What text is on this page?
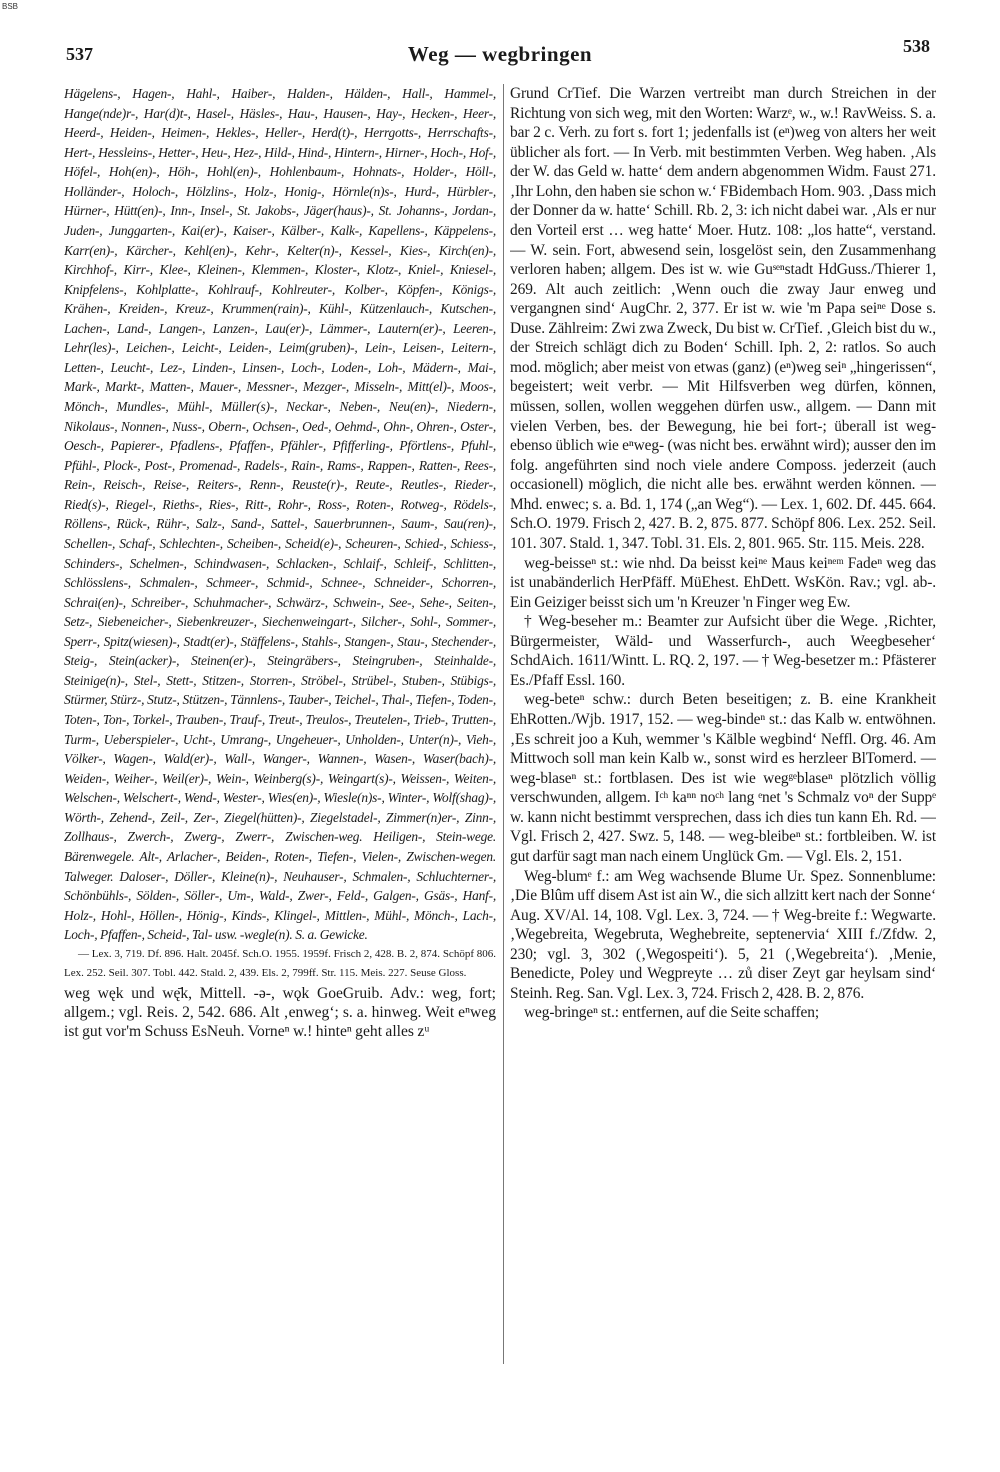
BSB
537	Weg — wegbringen	538

Hägelens-, Hagen-, Hahl-, Haiber-, Halden-, Hälden-, Hall-, Hammel-, Hange(nde)r-, Har(d)t-, Hasel-, Häsles-, Hau-, Hausen-, Hay-, Hecken-, Heer-, Heerd-, Heiden-, Heimen-, Hekles-, Heller-, Herd(t)-, Herrgotts-, Herrschafts-, Hert-, Hessleins-, Hetter-, Heu-, Hez-, Hild-, Hind-, Hintern-, Hirner-, Hoch-, Hof-, Höfel-, Hoh(en)-, Höh-, Hohl(en)-, Hohlenbaum-, Hohnats-, Holder-, Höll-, Holländer-, Holoch-, Hölzlins-, Holz-, Honig-, Hörnle(n)s-, Hurd-, Hürbler-, Hürner-, Hütt(en)-, Inn-, Insel-, St. Jakobs-, Jäger(haus)-, St. Johanns-, Jordan-, Juden-, Junggarten-, Kai(er)-, Kaiser-, Kälber-, Kalk-, Kapellens-, Käppelens-, Karr(en)-, Kärcher-, Kehl(en)-, Kehr-, Kelter(n)-, Kessel-, Kies-, Kirch(en)-, Kirchhof-, Kirr-, Klee-, Kleinen-, Klemmen-, Kloster-, Klotz-, Kniel-, Kniesel-, Knipfelens-, Kohlplatte-, Kohlrauf-, Kohlreuter-, Kolber-, Köpfen-, Königs-, Krähen-, Kreiden-, Kreuz-, Krummen(rain)-, Kühl-, Kützenlauch-, Kutschen-, Lachen-, Land-, Langen-, Lanzen-, Lau(er)-, Lämmer-, Lautern(er)-, Leeren-, Lehr(les)-, Leichen-, Leicht-, Leiden-, Leim(gruben)-, Lein-, Leisen-, Leitern-, Letten-, Leucht-, Lez-, Linden-, Linsen-, Loch-, Loden-, Loh-, Mädern-, Mai-, Mark-, Markt-, Matten-, Mauer-, Messner-, Mezger-, Misseln-, Mitt(el)-, Moos-, Mönch-, Mundles-, Mühl-, Müller(s)-, Neckar-, Neben-, Neu(en)-, Niedern-, Nikolaus-, Nonnen-, Nuss-, Obern-, Ochsen-, Oed-, Oehmd-, Ohn-, Ohren-, Oster-, Oesch-, Papierer-, Pfadlens-, Pfaffen-, Pfähler-, Pfifferling-, Pförtlens-, Pfuhl-, Pfühl-, Plock-, Post-, Promenad-, Radels-, Rain-, Rams-, Rappen-, Ratten-, Rees-, Rein-, Reisch-, Reise-, Reiters-, Renn-, Reuste(r)-, Reute-, Reutles-, Rieder-, Ried(s)-, Riegel-, Rieths-, Ries-, Ritt-, Rohr-, Ross-, Roten-, Rotweg-, Rödels-, Röllens-, Rück-, Rühr-, Salz-, Sand-, Sattel-, Sauerbrunnen-, Saum-, Sau(ren)-, Schellen-, Schaf-, Schlechten-, Scheiben-, Scheid(e)-, Scheuren-, Schied-, Schiess-, Schinders-, Schelmen-, Schindwasen-, Schlacken-, Schlaif-, Schleif-, Schlitten-, Schlösslens-, Schmalen-, Schmeer-, Schmid-, Schnee-, Schneider-, Schorren-, Schrai(en)-, Schreiber-, Schuhmacher-, Schwärz-, Schwein-, See-, Sehe-, Seiten-, Setz-, Siebeneicher-, Siebenkreuzer-, Siechenweingart-, Silcher-, Sohl-, Sommer-, Sperr-, Spitz(wiesen)-, Stadt(er)-, Stäffelens-, Stahls-, Stangen-, Stau-, Stechender-, Steig-, Stein(acker)-, Steinen(er)-, Steingräbers-, Steingruben-, Steinhalde-, Steinige(n)-, Stel-, Stett-, Stitzen-, Storren-, Ströbel-, Strübel-, Stuben-, Stübigs-, Stürmer, Stürz-, Stutz-, Stützen-, Tännlens-, Tauber-, Teichel-, Thal-, Tiefen-, Toden-, Toten-, Ton-, Torkel-, Trauben-, Trauf-, Treut-, Treulos-, Treutelen-, Trieb-, Trutten-, Turm-, Ueberspieler-, Ucht-, Umrang-, Ungeheuer-, Unholden-, Unter(n)-, Vieh-, Völker-, Wagen-, Wald(er)-, Wall-, Wanger-, Wannen-, Wasen-, Waser(bach)-, Weiden-, Weiher-, Weil(er)-, Wein-, Weinberg(s)-, Weingart(s)-, Weissen-, Weiten-, Welschen-, Welschert-, Wend-, Wester-, Wies(en)-, Wiesle(n)s-, Winter-, Wolf(shag)-, Wörth-, Zehend-, Zeil-, Zer-, Ziegel(hütten)-, Ziegelstadel-, Zimmer(n)er-, Zinn-, Zollhaus-, Zwerch-, Zwerg-, Zwerr-, Zwischen-weg. Heiligen-, Stein-wege. Bärenwegele. Alt-, Arlacher-, Beiden-, Roten-, Tiefen-, Vielen-, Zwischen-wegen. Talweger. Daloser-, Döller-, Kleine(n)-, Neuhauser-, Schmalen-, Schluchterner-, Schönbühls-, Sölden-, Söller-, Um-, Wald-, Zwer-, Feld-, Galgen-, Gsäs-, Hanf-, Holz-, Hohl-, Höllen-, Hönig-, Kinds-, Klingel-, Mittlen-, Mühl-, Mönch-, Lach-, Loch-, Pfaffen-, Scheid-, Tal- usw. -wegle(n). S. a. Gewicke.

— Lex. 3, 719. Df. 896. Halt. 2045f. Sch.O. 1955. 1959f. Frisch 2, 428. B. 2, 874. Schöpf 806. Lex. 252. Seil. 307. Tobl. 442. Stald. 2, 439. Els. 2, 799ff. Str. 115. Meis. 227. Seuse Gloss.

weg węk und wę̄k, Mittell. -ə-, wǫk GoeGruib. Adv.: weg, fort; allgem.; vgl. Reis. 2, 542. 686. Alt ‚enweg‘; s. a. hinweg. Weit eⁿweg ist gut vor'm Schuss EsNeuh. Vorneⁿ w.! hinteⁿ geht alles zᵘ

Grund CrTief. Die Warzen vertreibt man durch Streichen in der Richtung von sich weg, mit den Worten: Warzᵉ, w., w.! RavWeiss. S. a. bar 2 c. Verh. zu fort s. fort 1; jedenfalls ist (eⁿ)weg von alters her weit üblicher als fort. — In Verb. mit bestimmten Verben. Weg haben. ‚Als der W. das Geld w. hatte‘ dem andern abgenommen Widm. Faust 271. ‚Ihr Lohn, den haben sie schon w.‘ FBidembach Hom. 903. ‚Dass mich der Donner da w. hatte‘ Schill. Rb. 2, 3: ich nicht dabei war. ‚Als er nur den Vorteil erst … weg hatte‘ Moer. Hutz. 108: „los hatte“, verstand. — W. sein. Fort, abwesend sein, losgelöst sein, den Zusammenhang verloren haben; allgem. Des ist w. wie Guˢᵉⁿstadt HdGuss./Thierer 1, 269. Alt auch zeitlich: ‚Wenn ouch die zway Jaur enweg und vergangnen sind‘ AugChr. 2, 377. Er ist w. wie 'm Papa seiⁿᵉ Dose s. Duse. Zählreim: Zwi zwa Zweck, Du bist w. CrTief. ‚Gleich bist du w., der Streich schlägt dich zu Boden‘ Schill. Iph. 2, 2: ratlos. So auch mod. möglich; aber meist von etwas (ganz) (eⁿ)weg seiⁿ „hingerissen“, begeistert; weit verbr. — Mit Hilfsverben weg dürfen, können, müssen, sollen, wollen weggehen dürfen usw., allgem. — Dann mit vielen Verben, bes. der Bewegung, hie bei fort-; überall ist weg- ebenso üblich wie eⁿweg- (was nicht bes. erwähnt wird); ausser den im folg. angeführten sind noch viele andere Composs. jederzeit (auch occasionell) möglich, die nicht alle bes. erwähnt werden können. — Mhd. enwec; s. a. Bd. 1, 174 („an Weg“). — Lex. 1, 602. Df. 445. 664. Sch.O. 1979. Frisch 2, 427. B. 2, 875. 877. Schöpf 806. Lex. 252. Seil. 101. 307. Stald. 1, 347. Tobl. 31. Els. 2, 801. 965. Str. 115. Meis. 228.

weg-beisseⁿ st.: wie nhd. Da beisst keiⁿᵉ Maus keiⁿᵉᵐ Fadeⁿ weg das ist unabänderlich HerPfäff. MüEhest. EhDett. WsKön. Rav.; vgl. ab-. Ein Geiziger beisst sich um 'n Kreuzer 'n Finger weg Ew.

† Weg-beseher m.: Beamter zur Aufsicht über die Wege. ‚Richter, Bürgermeister, Wäld- und Wasserfurch-, auch Weegbeseher‘ SchdAich. 1611/Wintt. L. RQ. 2, 197. — † Weg-besetzer m.: Pfästerer Es./Pfaff Essl. 160.

weg-beteⁿ schw.: durch Beten beseitigen; z. B. eine Krankheit EhRotten./Wjb. 1917, 152. — weg-bindeⁿ st.: das Kalb w. entwöhnen. ‚Es schreit joo a Kuh, wemmer 's Kälble wegbind‘ Neffl. Org. 46. Am Mittwoch soll man kein Kalb w., sonst wird es herzleer BlTomerd. — weg-blaseⁿ st.: fortblasen. Des ist wie wegᵍᵉblaseⁿ plötzlich völlig verschwunden, allgem. Iᶜʰ kaⁿⁿ noᶜʰ lang ᵉnet 's Schmalz voⁿ der Suppᵉ w. kann nicht bestimmt versprechen, dass ich dies tun kann Eh. Rd. — Vgl. Frisch 2, 427. Swz. 5, 148. — weg-bleibeⁿ st.: fortbleiben. W. ist gut darfür sagt man nach einem Unglück Gm. — Vgl. Els. 2, 151.

Weg-blumᵉ f.: am Weg wachsende Blume Ur. Spez. Sonnenblume: ‚Die Blûm uff disem Ast ist ain W., die sich allzitt kert nach der Sonne‘ Aug. XV/Al. 14, 108. Vgl. Lex. 3, 724. — † Weg-breite f.: Wegwarte. ‚Wegebreita, Wegebruta, Weghebreite, septenervia‘ XIII f./Zfdw. 2, 230; vgl. 3, 302 (‚Wegospeiti‘). 5, 21 (‚Wegebreita‘). ‚Menie, Benedicte, Poley und Wegpreyte … zů diser Zeyt gar heylsam sind‘ Steinh. Reg. San. Vgl. Lex. 3, 724. Frisch 2, 428. B. 2, 876.

weg-bringeⁿ st.: entfernen, auf die Seite schaffen;
